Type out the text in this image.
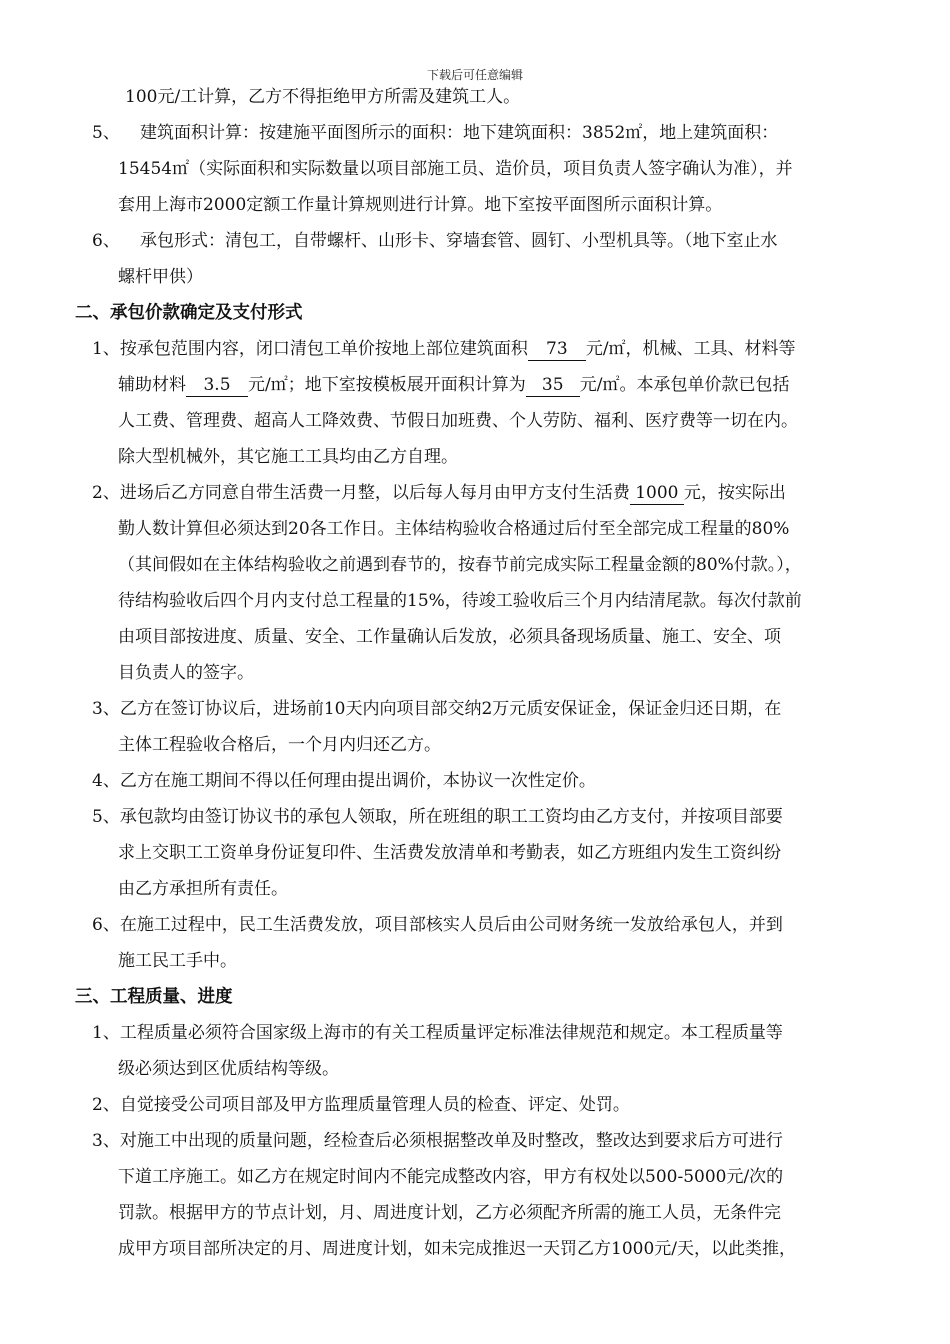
下载后可任意编辑
100元/工计算，乙方不得拒绝甲方所需及建筑工人。
5、 建筑面积计算：按建施平面图所示的面积：地下建筑面积：3852㎡，地上建筑面积：
15454㎡（实际面积和实际数量以项目部施工员、造价员，项目负责人签字确认为准），并
套用上海市2000定额工作量计算规则进行计算。地下室按平面图所示面积计算。
6、 承包形式：清包工，自带螺杆、山形卡、穿墙套管、圆钉、小型机具等。（地下室止水
螺杆甲供）
二、承包价款确定及支付形式
1、按承包范围内容，闭口清包工单价按地上部位建筑面积 73 元/㎡，机械、工具、材料等
辅助材料 3.5 元/㎡；地下室按模板展开面积计算为 35 元/㎡。本承包单价款已包括
人工费、管理费、超高人工降效费、节假日加班费、个人劳防、福利、医疗费等一切在内。
除大型机械外，其它施工工具均由乙方自理。
2、进场后乙方同意自带生活费一月整，以后每人每月由甲方支付生活费 1000 元，按实际出
勤人数计算但必须达到20各工作日。主体结构验收合格通过后付至全部完成工程量的80%
（其间假如在主体结构验收之前遇到春节的，按春节前完成实际工程量金额的80%付款。），
待结构验收后四个月内支付总工程量的15%，待竣工验收后三个月内结清尾款。每次付款前
由项目部按进度、质量、安全、工作量确认后发放，必须具备现场质量、施工、安全、项
目负责人的签字。
3、乙方在签订协议后，进场前10天内向项目部交纳2万元质安保证金，保证金归还日期，在
主体工程验收合格后，一个月内归还乙方。
4、乙方在施工期间不得以任何理由提出调价，本协议一次性定价。
5、承包款均由签订协议书的承包人领取，所在班组的职工工资均由乙方支付，并按项目部要
求上交职工工资单身份证复印件、生活费发放清单和考勤表，如乙方班组内发生工资纠纷
由乙方承担所有责任。
6、在施工过程中，民工生活费发放，项目部核实人员后由公司财务统一发放给承包人，并到
施工民工手中。
三、工程质量、进度
1、工程质量必须符合国家级上海市的有关工程质量评定标准法律规范和规定。本工程质量等
级必须达到区优质结构等级。
2、自觉接受公司项目部及甲方监理质量管理人员的检查、评定、处罚。
3、对施工中出现的质量问题，经检查后必须根据整改单及时整改，整改达到要求后方可进行
下道工序施工。如乙方在规定时间内不能完成整改内容，甲方有权处以500-5000元/次的
罚款。根据甲方的节点计划，月、周进度计划，乙方必须配齐所需的施工人员，无条件完
成甲方项目部所决定的月、周进度计划，如未完成推迟一天罚乙方1000元/天，以此类推，
